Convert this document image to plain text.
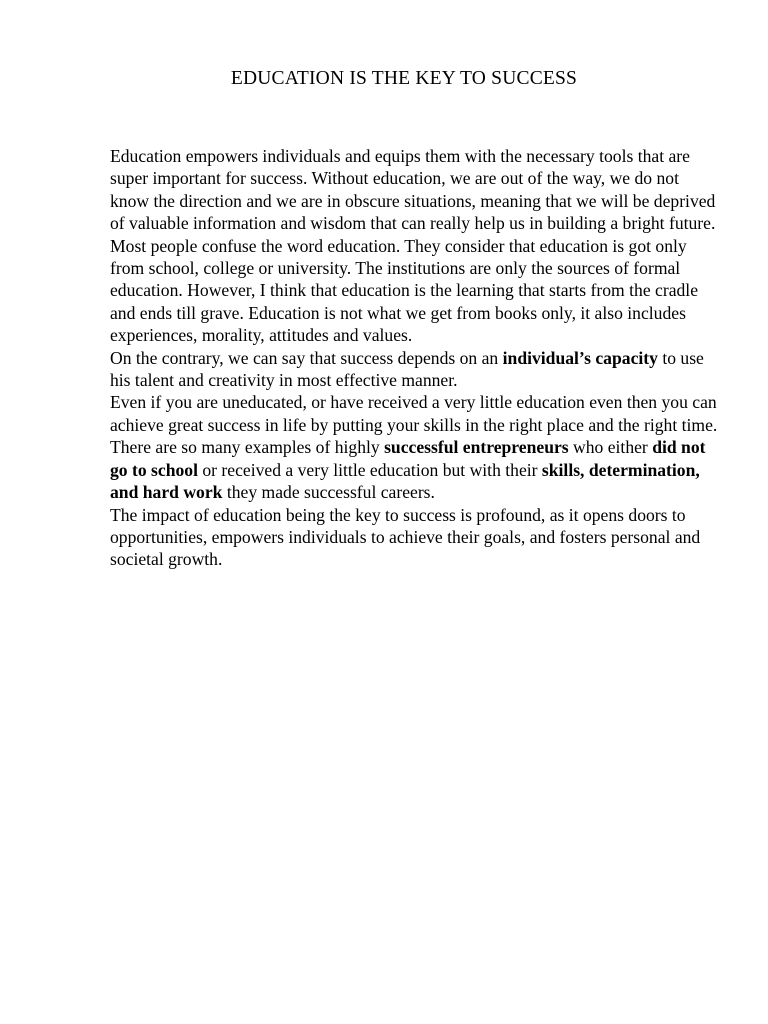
EDUCATION IS THE KEY TO SUCCESS

Education empowers individuals and equips them with the necessary tools that are super important for success. Without education, we are out of the way, we do not know the direction and we are in obscure situations, meaning that we will be deprived of valuable information and wisdom that can really help us in building a bright future.

Most people confuse the word education. They consider that education is got only from school, college or university. The institutions are only the sources of formal education. However, I think that education is the learning that starts from the cradle and ends till grave. Education is not what we get from books only, it also includes experiences, morality, attitudes and values.

On the contrary, we can say that success depends on an individual’s capacity to use his talent and creativity in most effective manner.

Even if you are uneducated, or have received a very little education even then you can achieve great success in life by putting your skills in the right place and the right time.

There are so many examples of highly successful entrepreneurs who either did not go to school or received a very little education but with their skills, determination, and hard work they made successful careers.

The impact of education being the key to success is profound, as it opens doors to opportunities, empowers individuals to achieve their goals, and fosters personal and societal growth.
